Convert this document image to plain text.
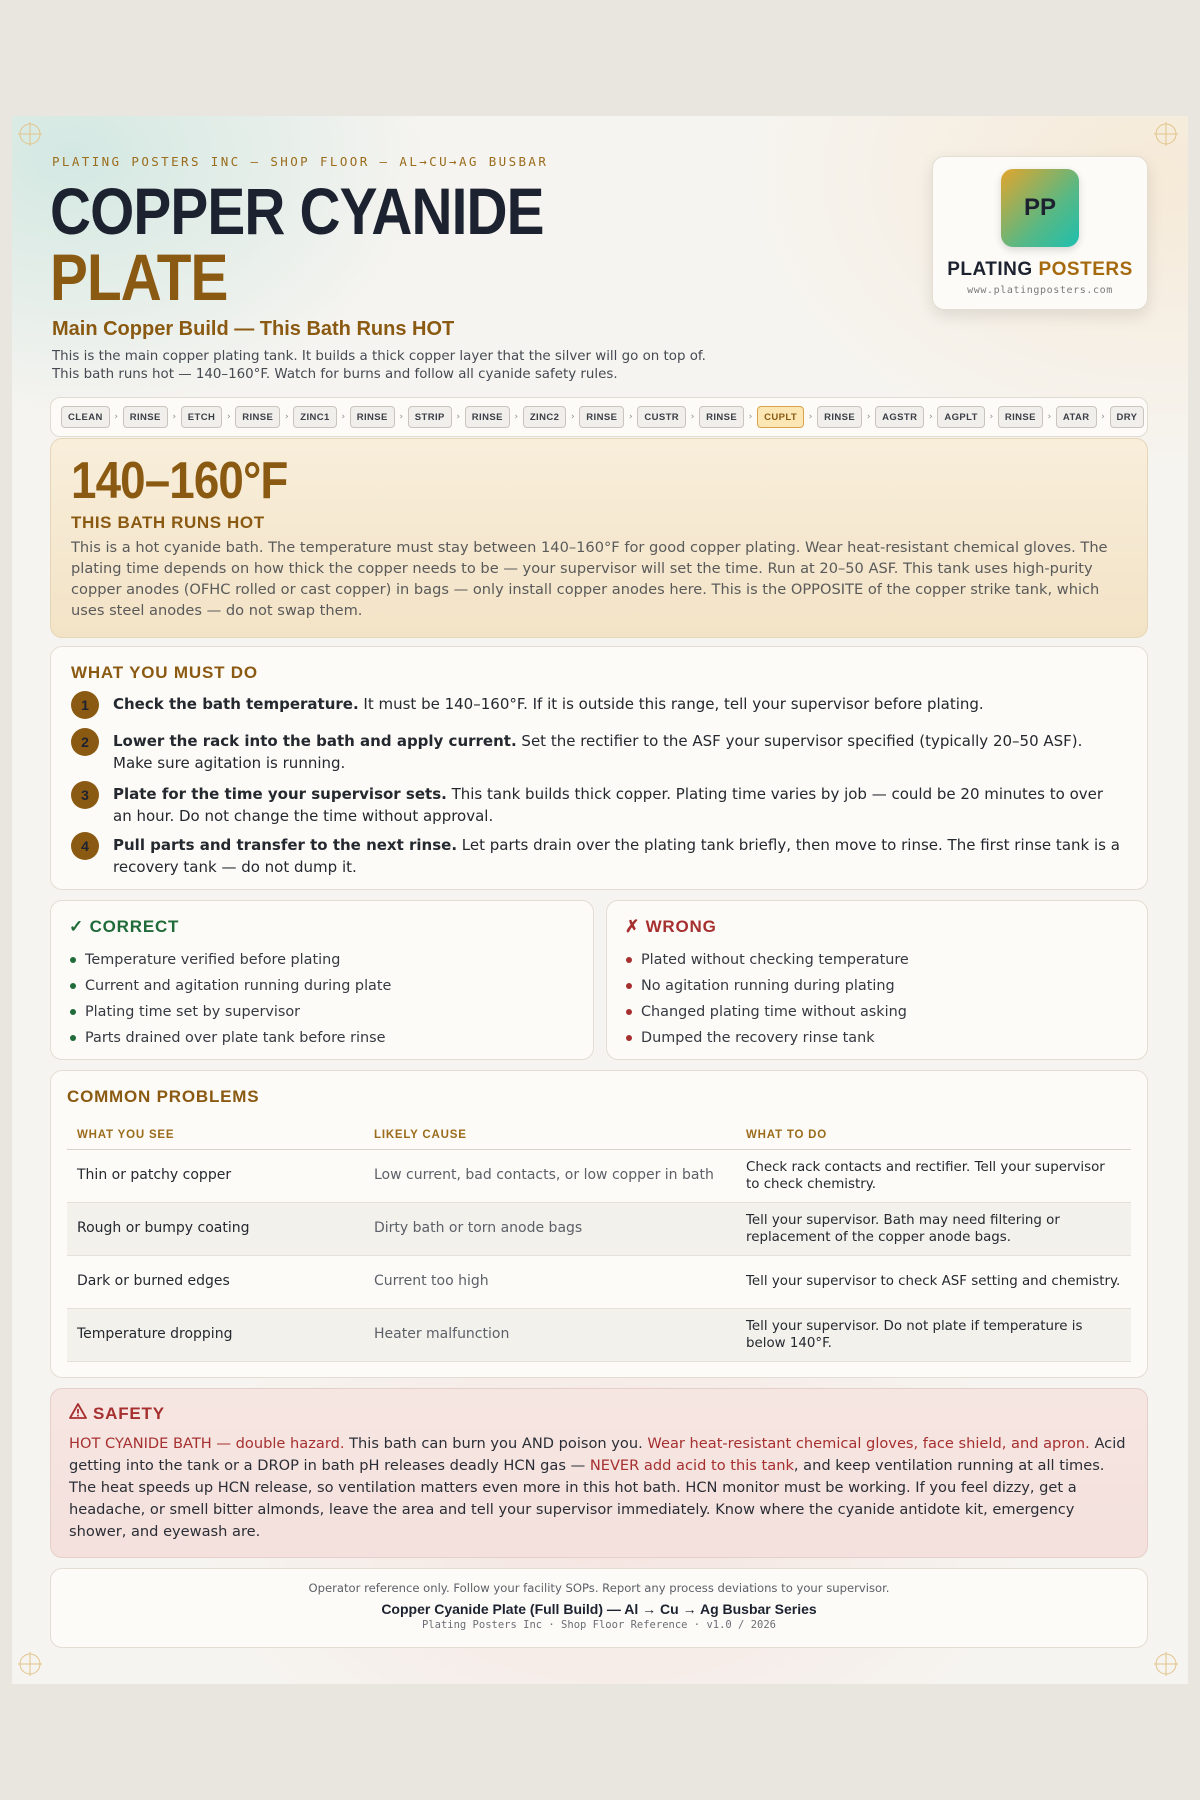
PLATING POSTERS INC — SHOP FLOOR — AL→CU→AG BUSBAR
COPPER CYANIDE
PLATE
Main Copper Build — This Bath Runs HOT
This is the main copper plating tank. It builds a thick copper layer that the silver will go on top of.
This bath runs hot — 140–160°F. Watch for burns and follow all cyanide safety rules.
PP
PLATING POSTERS
www.platingposters.com
CLEAN	›	RINSE	›	ETCH	›	RINSE	›	ZINC1	›	RINSE	›	STRIP	›	RINSE	›	ZINC2	›	RINSE	›	CUSTR	›	RINSE	›	CUPLT	›	RINSE	›	AGSTR	›	AGPLT	›	RINSE	›	ATAR	›	DRY
140–160°F
THIS BATH RUNS HOT
This is a hot cyanide bath. The temperature must stay between 140–160°F for good copper plating. Wear heat-resistant chemical gloves. The plating time depends on how thick the copper needs to be — your supervisor will set the time. Run at 20–50 ASF. This tank uses high-purity copper anodes (OFHC rolled or cast copper) in bags — only install copper anodes here. This is the OPPOSITE of the copper strike tank, which uses steel anodes — do not swap them.
WHAT YOU MUST DO
1	Check the bath temperature. It must be 140–160°F. If it is outside this range, tell your supervisor before plating.
2	Lower the rack into the bath and apply current. Set the rectifier to the ASF your supervisor specified (typically 20–50 ASF). Make sure agitation is running.
3	Plate for the time your supervisor sets. This tank builds thick copper. Plating time varies by job — could be 20 minutes to over an hour. Do not change the time without approval.
4	Pull parts and transfer to the next rinse. Let parts drain over the plating tank briefly, then move to rinse. The first rinse tank is a recovery tank — do not dump it.
✓ CORRECT
Temperature verified before plating
Current and agitation running during plate
Plating time set by supervisor
Parts drained over plate tank before rinse
✗ WRONG
Plated without checking temperature
No agitation running during plating
Changed plating time without asking
Dumped the recovery rinse tank
COMMON PROBLEMS
WHAT YOU SEE	LIKELY CAUSE	WHAT TO DO
Thin or patchy copper	Low current, bad contacts, or low copper in bath	Check rack contacts and rectifier. Tell your supervisor to check chemistry.
Rough or bumpy coating	Dirty bath or torn anode bags	Tell your supervisor. Bath may need filtering or replacement of the copper anode bags.
Dark or burned edges	Current too high	Tell your supervisor to check ASF setting and chemistry.
Temperature dropping	Heater malfunction	Tell your supervisor. Do not plate if temperature is below 140°F.
SAFETY
HOT CYANIDE BATH — double hazard. This bath can burn you AND poison you. Wear heat-resistant chemical gloves, face shield, and apron. Acid getting into the tank or a DROP in bath pH releases deadly HCN gas — NEVER add acid to this tank, and keep ventilation running at all times. The heat speeds up HCN release, so ventilation matters even more in this hot bath. HCN monitor must be working. If you feel dizzy, get a headache, or smell bitter almonds, leave the area and tell your supervisor immediately. Know where the cyanide antidote kit, emergency shower, and eyewash are.
Operator reference only. Follow your facility SOPs. Report any process deviations to your supervisor.
Copper Cyanide Plate (Full Build) — Al → Cu → Ag Busbar Series
Plating Posters Inc · Shop Floor Reference · v1.0 / 2026
